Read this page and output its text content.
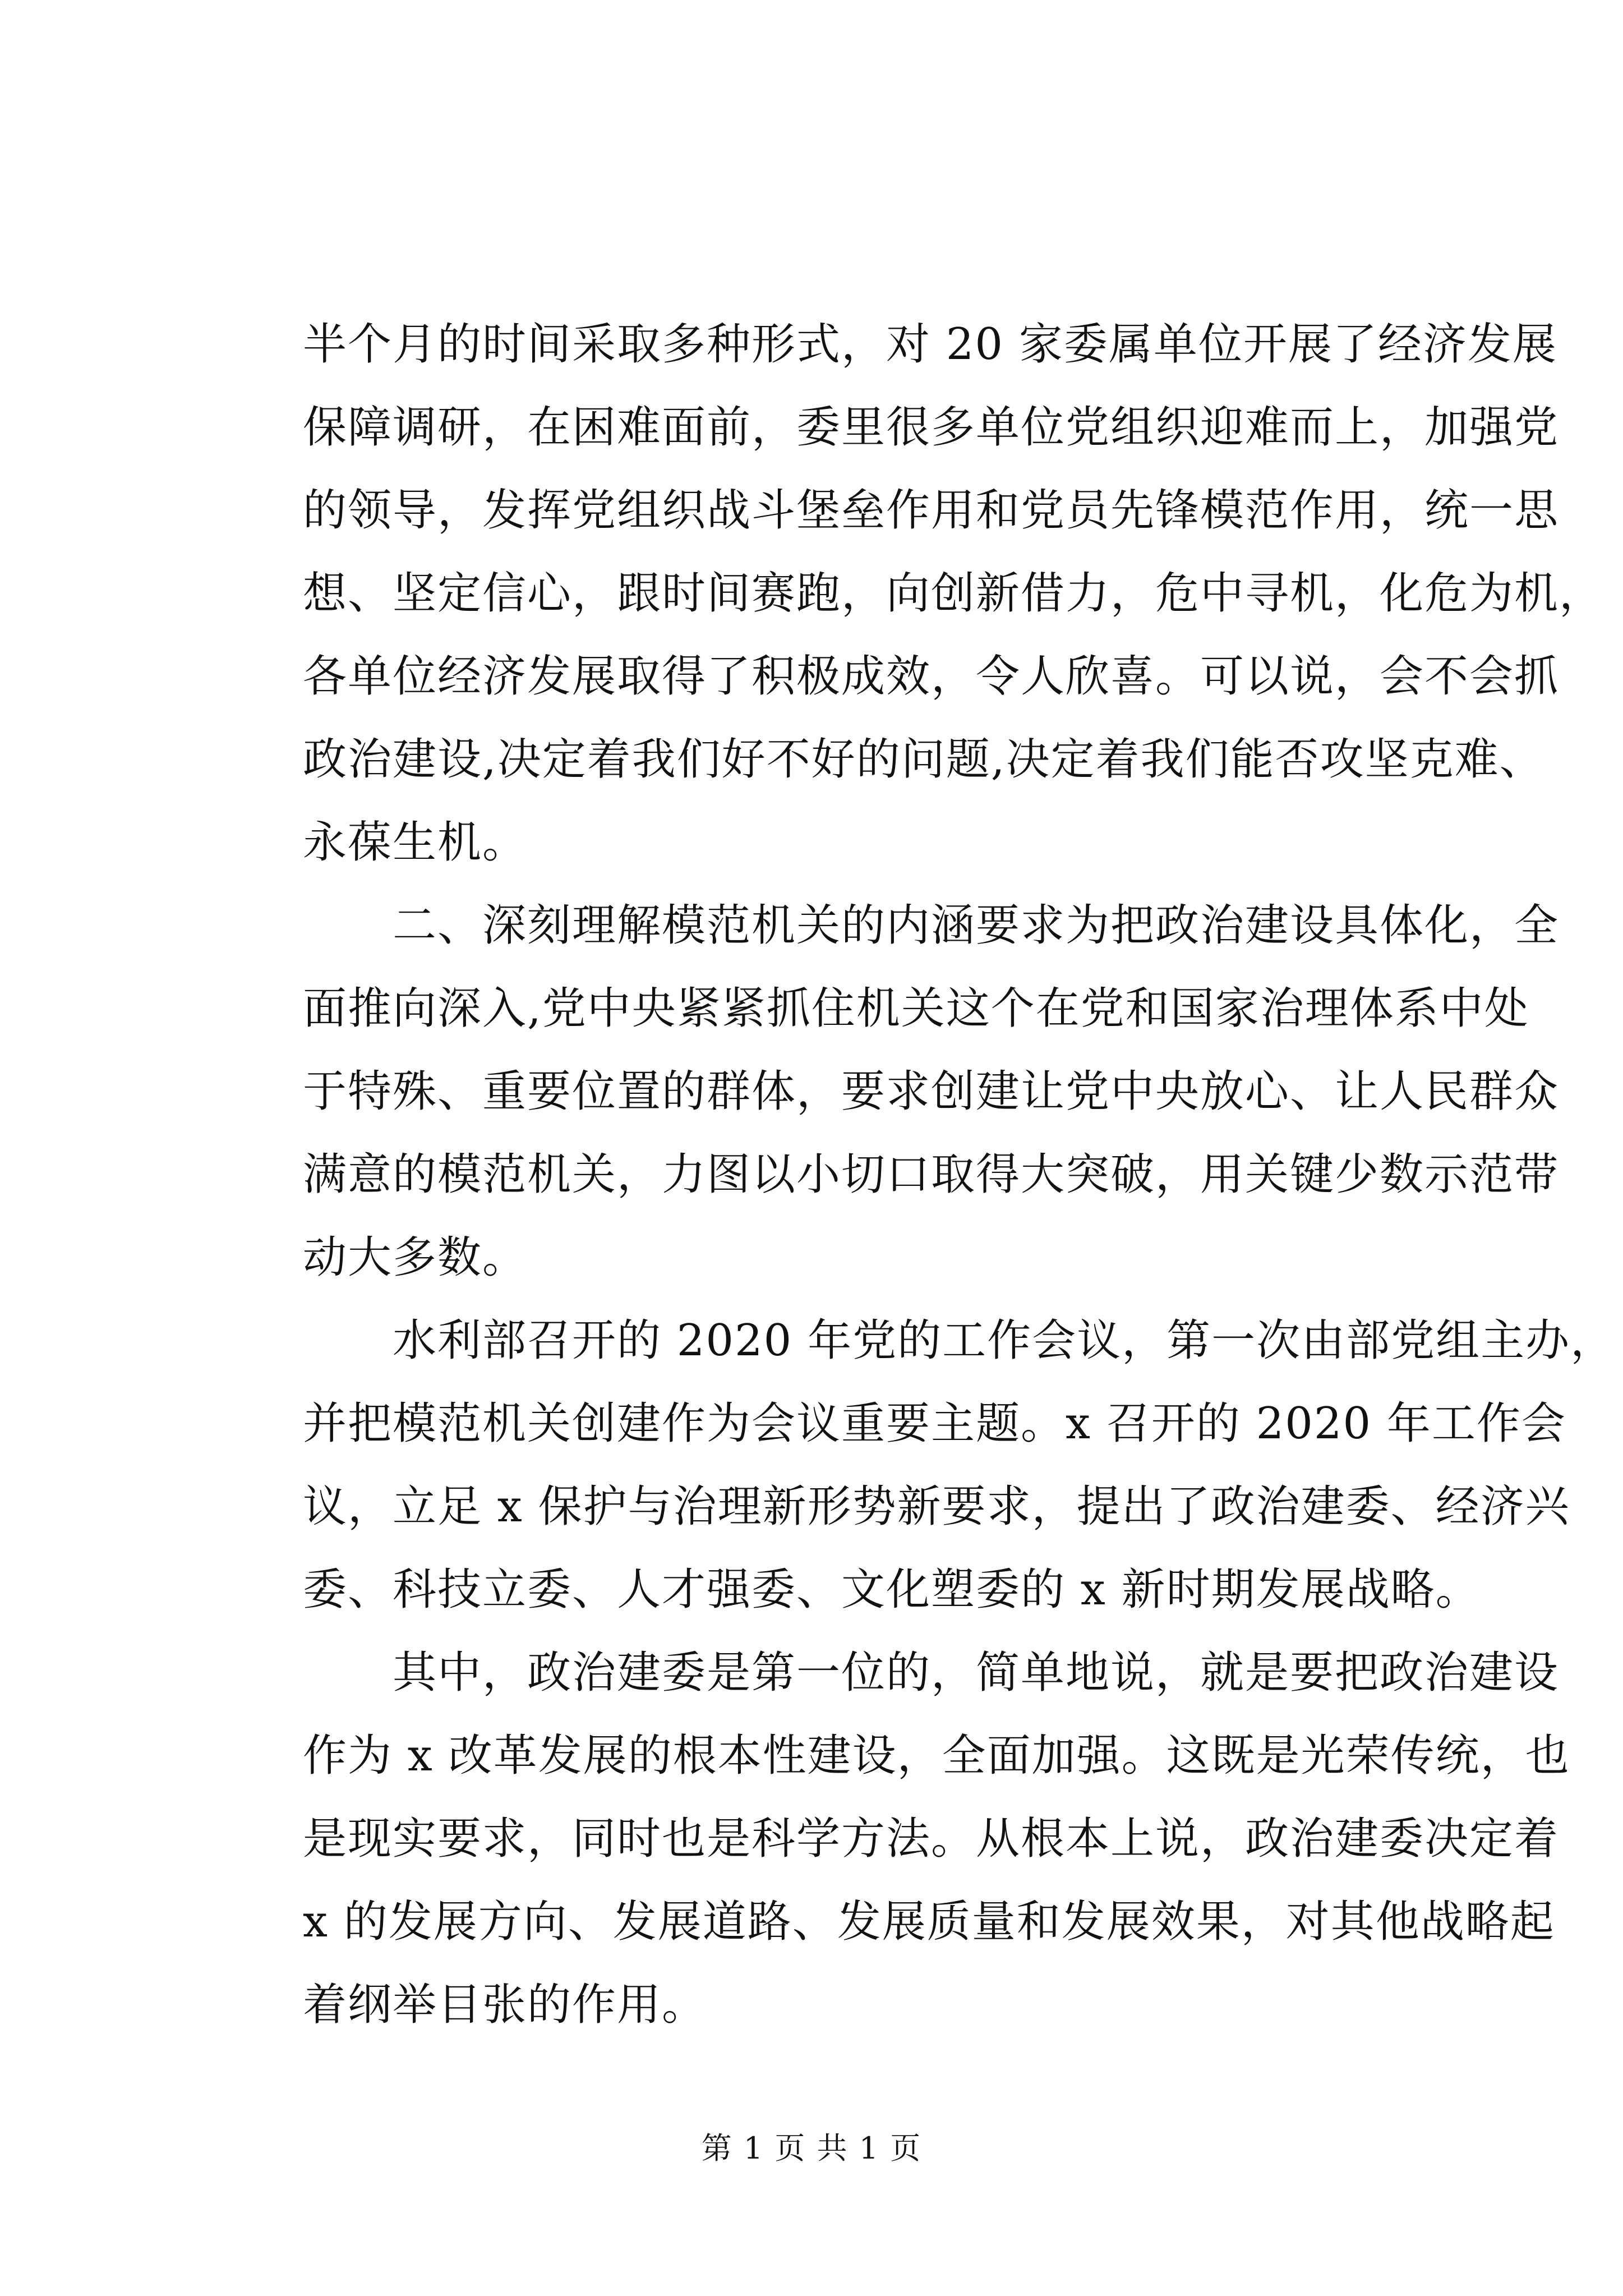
半个月的时间采取多种形式，对 20 家委属单位开展了经济发展
保障调研，在困难面前，委里很多单位党组织迎难而上，加强党
的领导，发挥党组织战斗堡垒作用和党员先锋模范作用，统一思
想、坚定信心，跟时间赛跑，向创新借力，危中寻机，化危为机，
各单位经济发展取得了积极成效，令人欣喜。可以说，会不会抓
政治建设,决定着我们好不好的问题,决定着我们能否攻坚克难、
永葆生机。

二、深刻理解模范机关的内涵要求为把政治建设具体化，全
面推向深入,党中央紧紧抓住机关这个在党和国家治理体系中处
于特殊、重要位置的群体，要求创建让党中央放心、让人民群众
满意的模范机关，力图以小切口取得大突破，用关键少数示范带
动大多数。

水利部召开的 2020 年党的工作会议，第一次由部党组主办，
并把模范机关创建作为会议重要主题。x 召开的 2020 年工作会
议，立足 x 保护与治理新形势新要求，提出了政治建委、经济兴
委、科技立委、人才强委、文化塑委的 x 新时期发展战略。

其中，政治建委是第一位的，简单地说，就是要把政治建设
作为 x 改革发展的根本性建设，全面加强。这既是光荣传统，也
是现实要求，同时也是科学方法。从根本上说，政治建委决定着
x 的发展方向、发展道路、发展质量和发展效果，对其他战略起
着纲举目张的作用。

第 1 页 共 1 页
